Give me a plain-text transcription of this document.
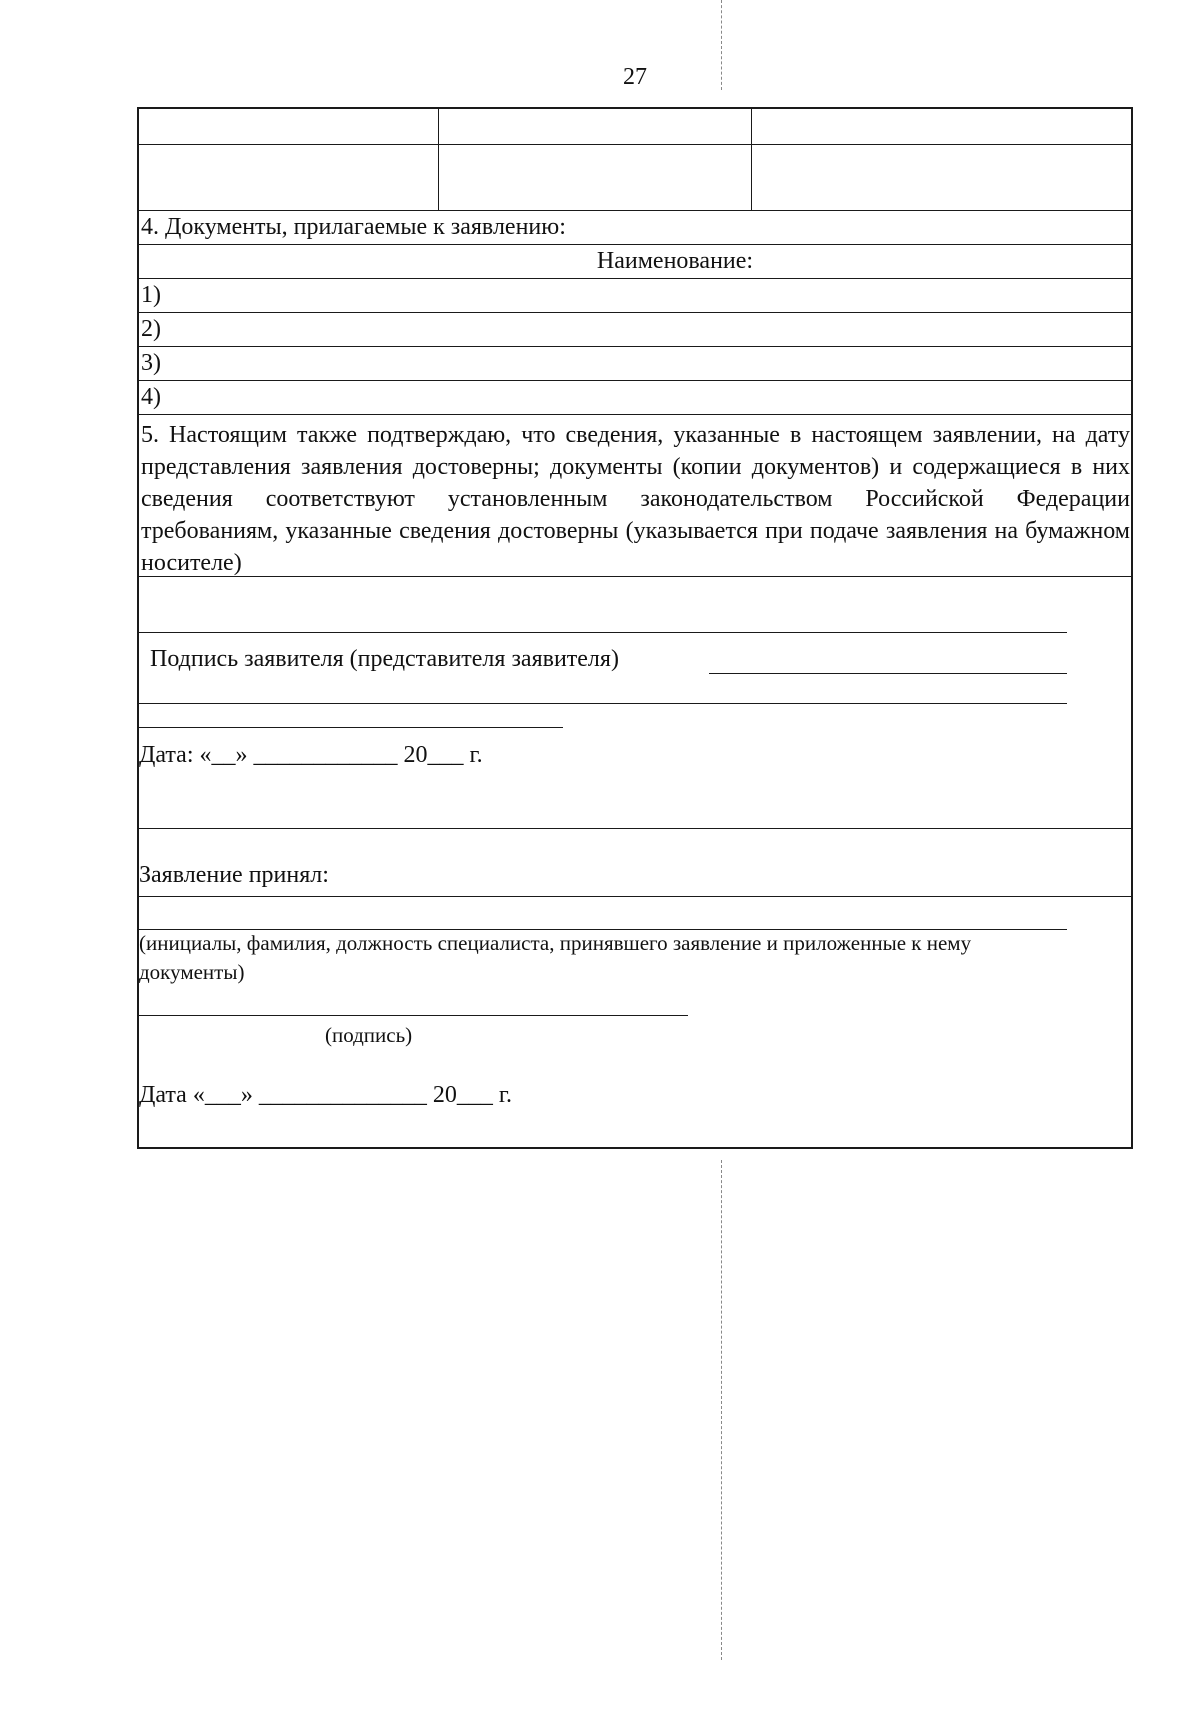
27
4. Документы, прилагаемые к заявлению:
Наименование:
1)
2)
3)
4)
5. Настоящим также подтверждаю, что сведения, указанные в настоящем заявлении, на дату представления заявления достоверны; документы (копии документов) и содержащиеся в них сведения соответствуют установленным законодательством Российской Федерации требованиям, указанные сведения достоверны (указывается при подаче заявления на бумажном носителе)
Подпись заявителя (представителя заявителя)
Дата: «__» ____________ 20___ г.
Заявление принял:
(инициалы, фамилия, должность специалиста, принявшего заявление и приложенные к нему документы)
(подпись)
Дата «___» ______________ 20___ г.
